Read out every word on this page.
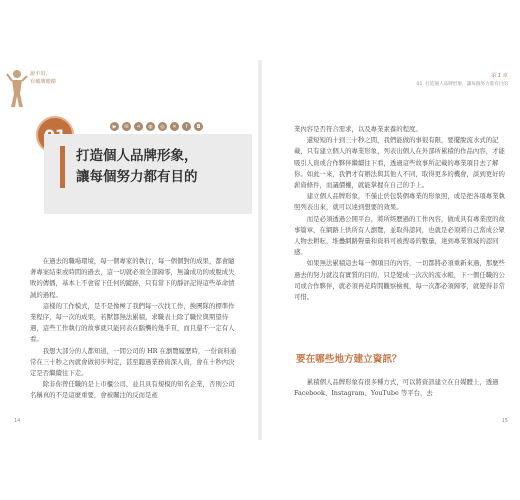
說不出，
有破壞眼睛
▶	✉	⋖	◍	◎	✕	f	◘
打造個人品牌形象，
讓每個努力都有目的

在過去的職場環境，每一個專家的執行，每一個個對的成果，都會隨著專案結束或時間的過去，這一切就必須全部歸零，無論成功的或脫成失敗的傳播，基本上不會留下任何的蹤跡，只有當下的靜評記得這些革命情誠的過程。

這樣的工作模式，是不是像極了我們每一次找工作，換團隊的標準作業程序，每一次的成果，若獸都無法累積，求職表上除了職位與期望待遇，這些工作執行的故事就只能同表在腦襲的幾乎頁，而且還不一定有人看。

我想大部分的人都知道，一間公司的 HR 在瀏覽履歷時，一份資料通常在三十秒之內就會做初步判定，甚至聽過業務資深人資，會在十秒內決定是否繼續往下走。

除非你曾任職的是上市櫃公司，並且具有規模的知名企業，否則公司名稱真的不是這麼重要，會被關注的反而是產

14
第 1 章
01. 打造個人品牌形象，讓每個努力都有目的

業內容是否符合需求，以及專業素養的程度。

還短短的十到三十秒之間，我們能做的事很有限，要擺脫流水式的記載，只有建立個人的專業形象，列表出個人在外部所累積的作品內容，才能吸引人資或合作夥伴繼續往下看，透過這些故事所記載的專業項目去了解你。如此一來，我們才有辦法與其他人不同，取得更多的機會，談到更好的薪資條件，而議價權，就能掌握在自己的手上。

建立個人品牌形象，不僅止於包裝個專業的形象照，或是把各項專業執照列表出來，就可以達到想要的效果。

而是必須透過公開平台，將所經歷過的工作內容，做成具有專業度的故事篇章，在網路上供所有人瀏覽，並取得認同，也就是必須將自己當成公眾人物去耕耘，堆疊網路聲量和資料可被搜尋的數量，達到專業領域的認同感。

如果無法累積這去每一個項目的內容，一切都將必須重新來過，那麼些過去的努力就沒有實質的目的，只是變成一次次的流水帳，下一個任職的公司或合作夥伴，就必須再花時間觀察檢視，每一次都必須歸零，就變得非常可惜。

要在哪些地方建立資訊？

累積個人品牌形象有很多種方式，可以將資訊建立在自媒體上，透過 Facebook、Instagram、YouTube 等平台，去

15
